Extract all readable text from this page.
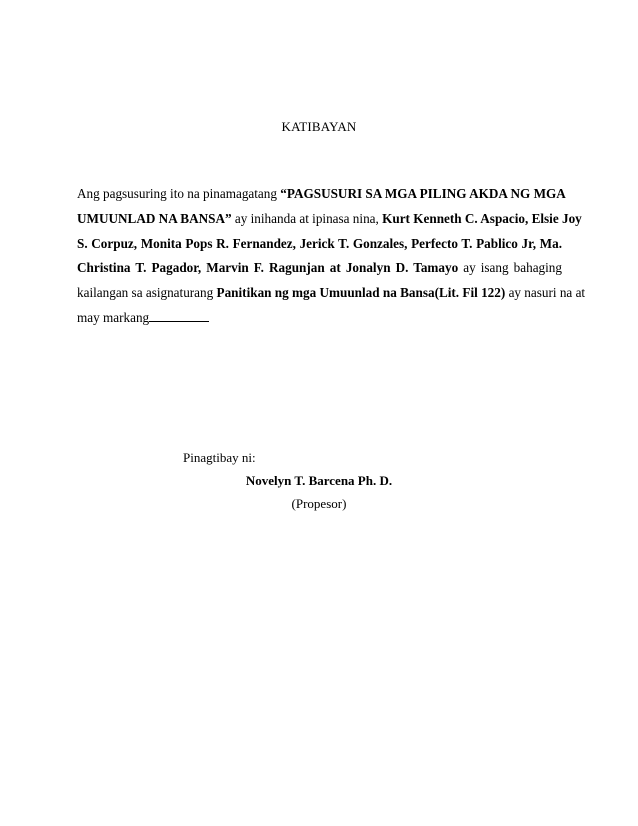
KATIBAYAN
Ang pagsusuring ito na pinamagatang “PAGSUSURI SA MGA PILING AKDA NG MGA
UMUUNLAD NA BANSA” ay inihanda at ipinasa nina, Kurt Kenneth C. Aspacio, Elsie Joy
S. Corpuz, Monita Pops R. Fernandez, Jerick T. Gonzales, Perfecto T. Pablico Jr, Ma.
Christina T. Pagador, Marvin F. Ragunjan at Jonalyn D. Tamayo ay isang bahaging
kailangan sa asignaturang Panitikan ng mga Umuunlad na Bansa(Lit. Fil 122) ay nasuri na at
may markang
Pinagtibay ni:
Novelyn T. Barcena Ph. D.
(Propesor)
